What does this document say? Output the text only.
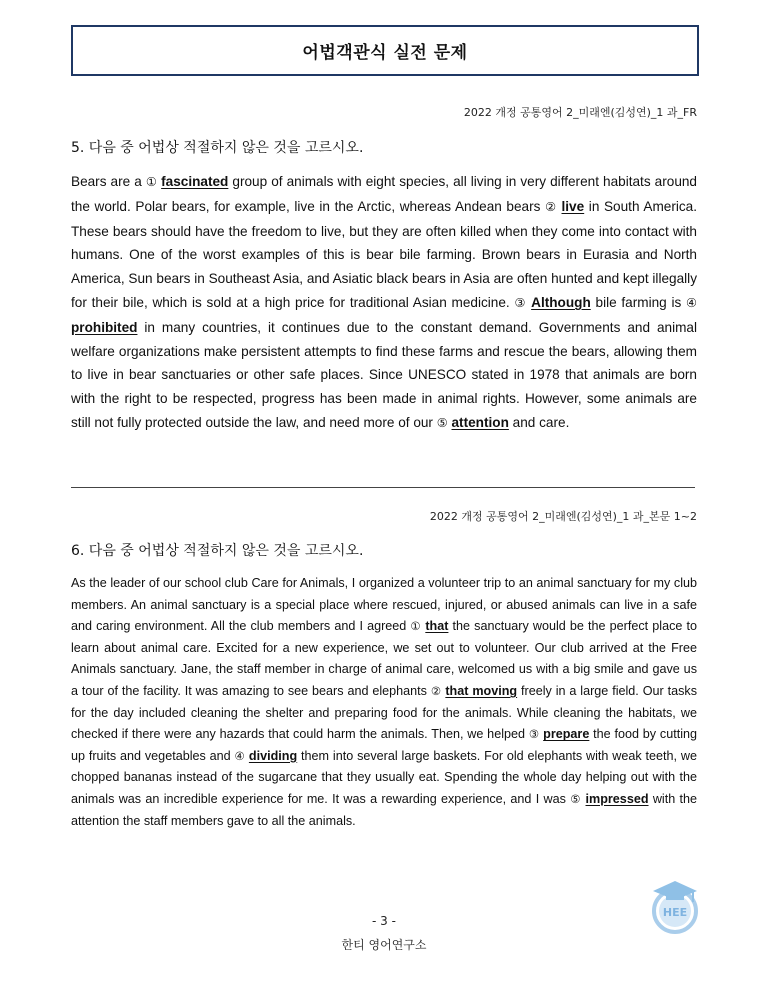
어법객관식 실전 문제
2022 개정 공통영어 2_미래엔(김성연)_1 과_FR
5. 다음 중 어법상 적절하지 않은 것을 고르시오.
Bears are a ① fascinated group of animals with eight species, all living in very different habitats around the world. Polar bears, for example, live in the Arctic, whereas Andean bears ② live in South America. These bears should have the freedom to live, but they are often killed when they come into contact with humans. One of the worst examples of this is bear bile farming. Brown bears in Eurasia and North America, Sun bears in Southeast Asia, and Asiatic black bears in Asia are often hunted and kept illegally for their bile, which is sold at a high price for traditional Asian medicine. ③ Although bile farming is ④ prohibited in many countries, it continues due to the constant demand. Governments and animal welfare organizations make persistent attempts to find these farms and rescue the bears, allowing them to live in bear sanctuaries or other safe places. Since UNESCO stated in 1978 that animals are born with the right to be respected, progress has been made in animal rights. However, some animals are still not fully protected outside the law, and need more of our ⑤ attention and care.
2022 개정 공통영어 2_미래엔(김성연)_1 과_본문 1~2
6. 다음 중 어법상 적절하지 않은 것을 고르시오.
As the leader of our school club Care for Animals, I organized a volunteer trip to an animal sanctuary for my club members. An animal sanctuary is a special place where rescued, injured, or abused animals can live in a safe and caring environment. All the club members and I agreed ① that the sanctuary would be the perfect place to learn about animal care. Excited for a new experience, we set out to volunteer. Our club arrived at the Free Animals sanctuary. Jane, the staff member in charge of animal care, welcomed us with a big smile and gave us a tour of the facility. It was amazing to see bears and elephants ② that moving freely in a large field. Our tasks for the day included cleaning the shelter and preparing food for the animals. While cleaning the habitats, we checked if there were any hazards that could harm the animals. Then, we helped ③ prepare the food by cutting up fruits and vegetables and ④ dividing them into several large baskets. For old elephants with weak teeth, we chopped bananas instead of the sugarcane that they usually eat. Spending the whole day helping out with the animals was an incredible experience for me. It was a rewarding experience, and I was ⑤ impressed with the attention the staff members gave to all the animals.
- 3 -
한티 영어연구소
HEE
